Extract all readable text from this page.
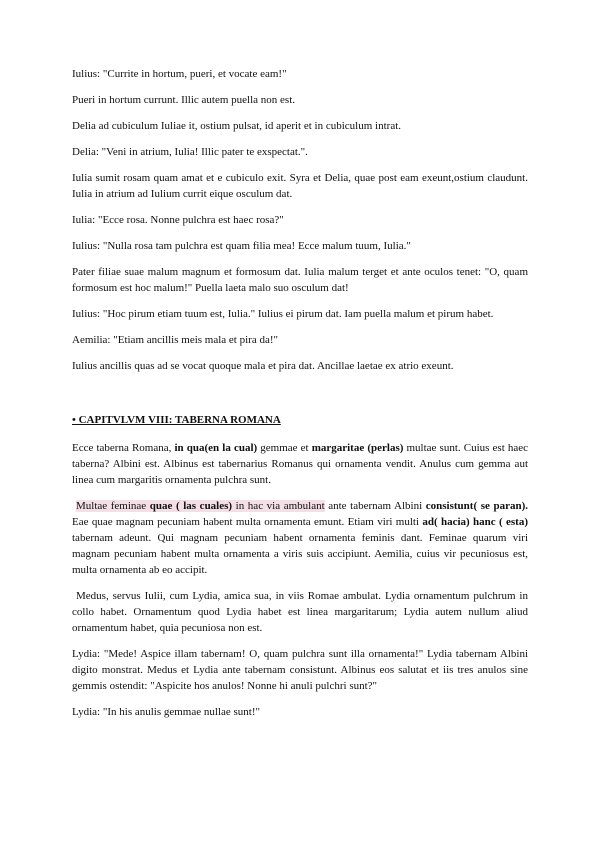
Iulius: "Currite in hortum, pueri, et vocate eam!"

Pueri in hortum currunt. Illic autem puella non est.

Delia ad cubiculum Iuliae it, ostium pulsat, id aperit et in cubiculum intrat.

Delia: "Veni in atrium, Iulia! Illic pater te exspectat.".

Iulia sumit rosam quam amat et e cubiculo exit. Syra et Delia, quae post eam exeunt,ostium claudunt. Iulia in atrium ad Iulium currit eique osculum dat.

Iulia: "Ecce rosa. Nonne pulchra est haec rosa?"

Iulius: "Nulla rosa tam pulchra est quam filia mea! Ecce malum tuum, Iulia."

Pater filiae suae malum magnum et formosum dat. Iulia malum terget et ante oculos tenet: "O, quam formosum est hoc malum!" Puella laeta malo suo osculum dat!

Iulius: "Hoc pirum etiam tuum est, Iulia." Iulius ei pirum dat. Iam puella malum et pirum habet.

Aemilia: "Etiam ancillis meis mala et pira da!"

Iulius ancillis quas ad se vocat quoque mala et pira dat. Ancillae laetae ex atrio exeunt.

• CAPITVLVM VIII: TABERNA ROMANA

Ecce taberna Romana, in qua(en la cual) gemmae et margaritae (perlas) multae sunt. Cuius est haec taberna? Albini est. Albinus est tabernarius Romanus qui ornamenta vendit. Anulus cum gemma aut linea cum margaritis ornamenta pulchra sunt.

Multae feminae quae ( las cuales) in hac via ambulant ante tabernam Albini consistunt( se paran). Eae quae magnam pecuniam habent multa ornamenta emunt. Etiam viri multi ad( hacia) hanc ( esta) tabernam adeunt. Qui magnam pecuniam habent ornamenta feminis dant. Feminae quarum viri magnam pecuniam habent multa ornamenta a viris suis accipiunt. Aemilia, cuius vir pecuniosus est, multa ornamenta ab eo accipit.

Medus, servus Iulii, cum Lydia, amica sua, in viis Romae ambulat. Lydia ornamentum pulchrum in collo habet. Ornamentum quod Lydia habet est linea margaritarum; Lydia autem nullum aliud ornamentum habet, quia pecuniosa non est.

Lydia: "Mede! Aspice illam tabernam! O, quam pulchra sunt illa ornamenta!" Lydia tabernam Albini digito monstrat. Medus et Lydia ante tabernam consistunt. Albinus eos salutat et iis tres anulos sine gemmis ostendit: "Aspicite hos anulos! Nonne hi anuli pulchri sunt?"

Lydia: "In his anulis gemmae nullae sunt!"
